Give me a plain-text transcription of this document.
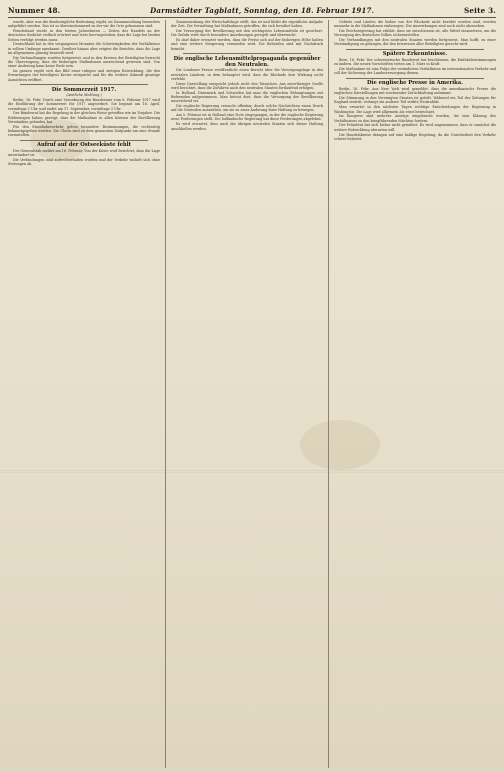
Nummer 48.	Darmstädter Tagblatt, Sonntag, den 18. Februar 1917.	Seite 3.

wurde, aber was die diesbezügliche Bedeutung ergibt, im Zusammenhang besonders aufgeführt werden. Das ist so übereinstimmend zu der wir die Orte gekommen sind.

Feindesland wurde in den letzten Jahrzehnten — Zeiten des Handels an der deutschen Seefahrt vielfach erörtert und stets hervorgehoben, dass die Lage bei beiden Seiten verfolgt werden muss.

Deutschland hat in den vergangenen Monaten die Schwierigkeiten der Verhältnisse in vollem Umfange anerkannt. Darüber hinaus aber zeigten die Berichte, dass die Lage im allgemeinen günstig beurteilt wird.

Die Verhandlungen wurden fortgesetzt, und in den Kreisen der Beteiligten herrscht die Überzeugung, dass die bisherigen Maßnahmen ausreichend gewesen sind. Von einer Änderung kann keine Rede sein.

Im ganzen ergibt sich das Bild einer ruhigen und stetigen Entwicklung, die den Erwartungen der beteiligten Kreise entspricht und für die weitere Zukunft günstige Aussichten eröffnet.

Die Sommerzeit 1917.

(Amtliche Meldung.)

Berlin, 16. Febr. Durch eine Verordnung des Bundesrats vom 8. Februar 1917 wird die Einführung der Sommerzeit für 1917 angeordnet. Sie beginnt am 16. April, vormittags 2 Uhr, und endet am 17. September, vormittags 3 Uhr.

Der Bundesrat hat die Regelung in der gleichen Weise getroffen wie im Vorjahre. Die Erfahrungen haben gezeigt, dass die Maßnahme in allen Kreisen der Bevölkerung Verständnis gefunden hat.

Für den Eisenbahnverkehr gelten besondere Bestimmungen, die rechtzeitig bekanntgegeben werden. Die Uhren sind zu dem genannten Zeitpunkt um eine Stunde vorzustellen.

Aufruf auf der Ostseeküste fehlt

Der Generalstab meldet am 16. Februar: Von der Küste wird berichtet, dass die Lage unverändert ist.

Die Verbindungen sind aufrechterhalten worden und der Verkehr wickelt sich ohne Störungen ab.

Zusammenhang der Wirtschaftslage stellt, das ist und bleibt die eigentliche Aufgabe der Zeit. Die Verwaltung hat Maßnahmen getroffen, die sich bewährt haben.

Die Versorgung der Bevölkerung mit den wichtigsten Lebensmitteln ist gesichert. Die Zufuhr wird durch besondere Anordnungen geregelt und überwacht.

Es darf daher erwartet werden, dass die Preise sich auf der bisherigen Höhe halten und eine weitere Steigerung vermieden wird. Die Behörden sind mit Nachdruck bemüht.

Die englische Lebensmittelpropaganda gegenüber den Neutralen.

Die Londoner Presse veröffentlicht einen Bericht über die Versorgungslage in den neutralen Ländern, in dem behauptet wird, dass die Blockade ihre Wirkung nicht verfehle.

Diese Darstellung entspricht jedoch nicht den Tatsachen. Aus zuverlässiger Quelle wird berichtet, dass die Zufuhren nach den neutralen Staaten fortlaufend erfolgen.

In Holland, Dänemark und Schweden hat man die englischen Behauptungen mit Befremden aufgenommen. Man betont dort, dass die Versorgung der Bevölkerung ausreichend sei.

Die englische Regierung versucht offenbar, durch solche Nachrichten einen Druck auf die Neutralen auszuüben, um sie zu einer Änderung ihrer Haltung zu bewegen.

Am 5. Februar ist in Holland eine Note eingegangen, in der die englische Regierung neue Forderungen stellt. Die holländische Regierung hat diese Forderungen abgelehnt.

Es wird erwartet, dass auch die übrigen neutralen Staaten sich dieser Haltung anschließen werden.

Gebiete und Länder, die bisher von der Blockade nicht berührt worden sind, werden nunmehr in die Maßnahmen einbezogen. Die Auswirkungen sind noch nicht abzusehen.

Die Reichsregierung hat erklärt, dass sie entschlossen ist, alle Mittel einzusetzen, um die Versorgung des deutschen Volkes sicherzustellen.

Die Verhandlungen mit den neutralen Staaten werden fortgesetzt. Man hofft, zu einer Verständigung zu gelangen, die den Interessen aller Beteiligten gerecht wird.

Spätere Erkenntnisse.

Bern, 16. Febr. Der schweizerische Bundesrat hat beschlossen, die Einfuhrbestimmungen zu ändern. Die neuen Vorschriften treten am 1. März in Kraft.

Die Maßnahme ist eine Folge der veränderten Verhältnisse im internationalen Verkehr und soll der Sicherung der Landesversorgung dienen.

Die englische Presse in Amerika.

Berlin, 16. Febr. Aus New York wird gemeldet, dass die amerikanische Presse die englischen Darstellungen mit wachsender Zurückhaltung aufnimmt.

Die Stimmung in den Vereinigten Staaten ist geteilt. Während ein Teil der Zeitungen für England eintritt, verlangt ein anderer Teil strikte Neutralität.

Man erwartet in den nächsten Tagen wichtige Entscheidungen der Regierung in Washington. Die Lage wird allgemein als ernst bezeichnet.

Im Kongress sind mehrere Anträge eingebracht worden, die eine Klärung des Verhältnisses zu den kriegführenden Mächten fordern.

Der Präsident hat sich bisher nicht geäußert. Es wird angenommen, dass er zunächst die weitere Entwicklung abwarten will.

Die Handelskreise drängen auf eine baldige Regelung, da die Unsicherheit den Verkehr schwer belastet.
